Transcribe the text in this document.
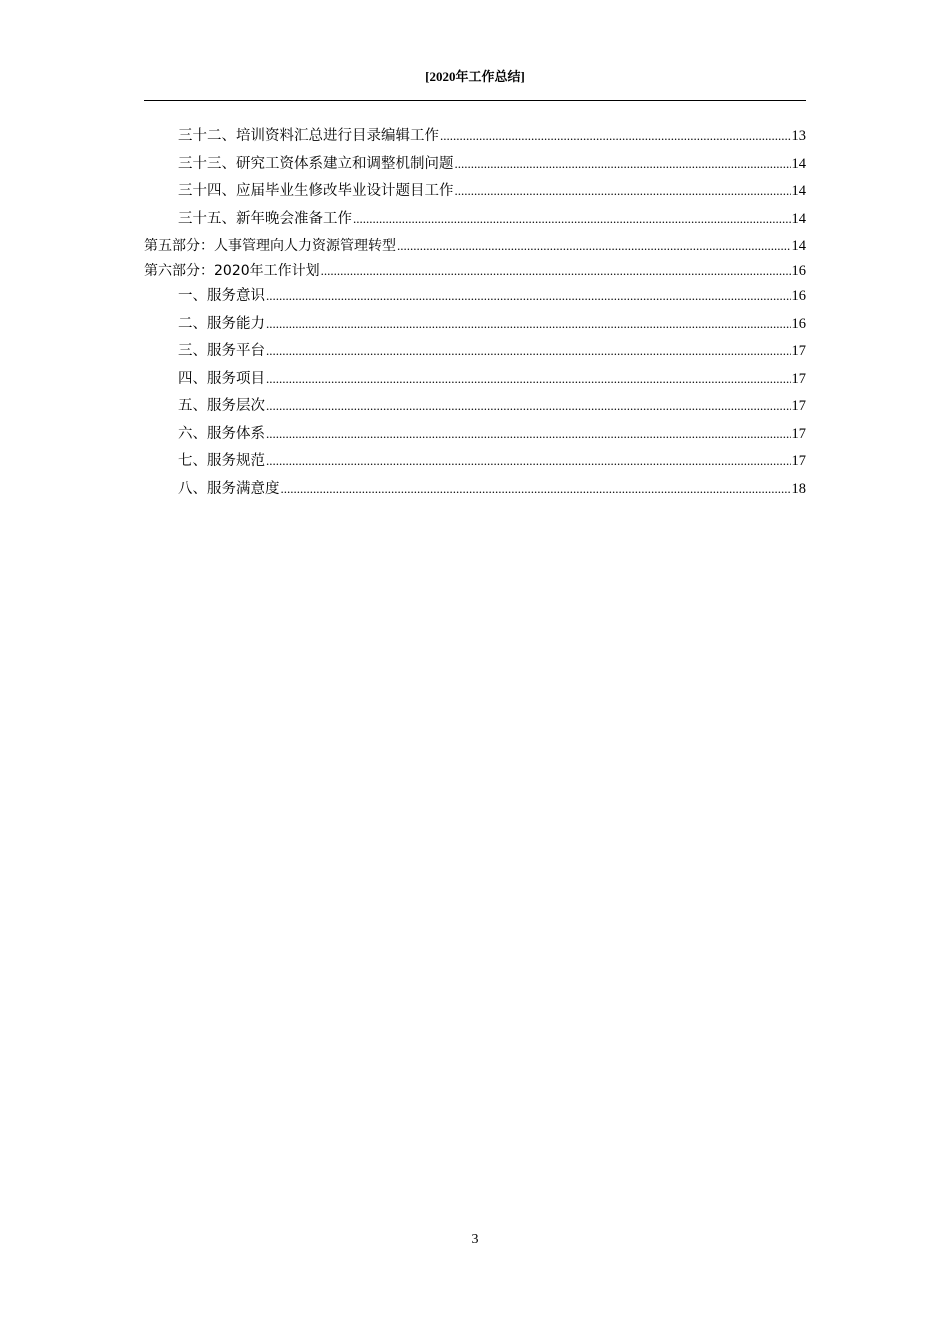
[2020年工作总结]
三十二、培训资料汇总进行目录编辑工作 .....	13
三十三、研究工资体系建立和调整机制问题 .....	14
三十四、应届毕业生修改毕业设计题目工作 .....	14
三十五、新年晚会准备工作 .....	14
第五部分：人事管理向人力资源管理转型 .....	14
第六部分：2020年工作计划 .....	16
一、服务意识 .....	16
二、服务能力 .....	16
三、服务平台 .....	17
四、服务项目 .....	17
五、服务层次 .....	17
六、服务体系 .....	17
七、服务规范 .....	17
八、服务满意度 .....	18
3
